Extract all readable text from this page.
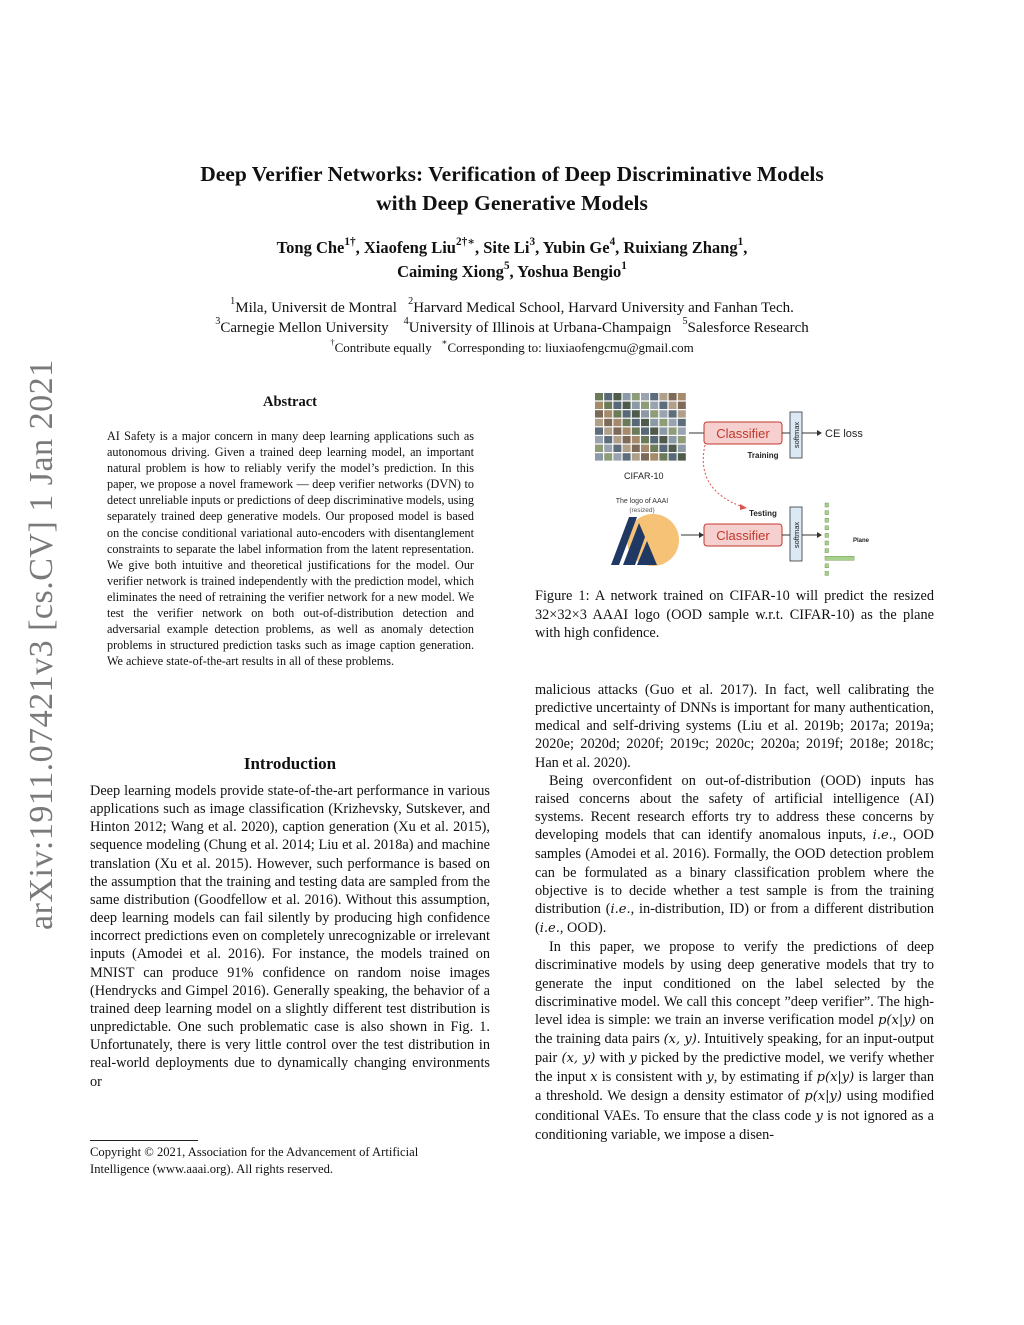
arXiv:1911.07421v3 [cs.CV] 1 Jan 2021
Deep Verifier Networks: Verification of Deep Discriminative Models
with Deep Generative Models
Tong Che$^{1\dagger}$, Xiaofeng Liu$^{2\dagger∗}$, Site Li$^3$, Yubin Ge$^4$, Ruixiang Zhang$^1$,
Caiming Xiong$^5$, Yoshua Bengio$^1$
$^1$Mila, Universit de Montral $^2$Harvard Medical School, Harvard University and Fanhan Tech.
$^3$Carnegie Mellon University $^4$University of Illinois at Urbana-Champaign $^5$Salesforce Research
†Contribute equally ∗Corresponding to: liuxiaofengcmu@gmail.com
Abstract
AI Safety is a major concern in many deep learning applications such as autonomous driving. Given a trained deep learning model, an important natural problem is how to reliably verify the model’s prediction. In this paper, we propose a novel framework — deep verifier networks (DVN) to detect unreliable inputs or predictions of deep discriminative models, using separately trained deep generative models. Our proposed model is based on the concise conditional variational auto-encoders with disentanglement constraints to separate the label information from the latent representation. We give both intuitive and theoretical justifications for the model. Our verifier network is trained independently with the prediction model, which eliminates the need of retraining the verifier network for a new model. We test the verifier network on both out-of-distribution detection and adversarial example detection problems, as well as anomaly detection problems in structured prediction tasks such as image caption generation. We achieve state-of-the-art results in all of these problems.
Introduction
Deep learning models provide state-of-the-art performance in various applications such as image classification (Krizhevsky, Sutskever, and Hinton 2012; Wang et al. 2020), caption generation (Xu et al. 2015), sequence modeling (Chung et al. 2014; Liu et al. 2018a) and machine translation (Xu et al. 2015). However, such performance is based on the assumption that the training and testing data are sampled from the same distribution (Goodfellow et al. 2016). Without this assumption, deep learning models can fail silently by producing high confidence incorrect predictions even on completely unrecognizable or irrelevant inputs (Amodei et al. 2016). For instance, the models trained on MNIST can produce 91% confidence on random noise images (Hendrycks and Gimpel 2016). Generally speaking, the behavior of a trained deep learning model on a slightly different test distribution is unpredictable. One such problematic case is also shown in Fig. 1. Unfortunately, there is very little control over the test distribution in real-world deployments due to dynamically changing environments or
Copyright © 2021, Association for the Advancement of Artificial
Intelligence (www.aaai.org). All rights reserved.
CIFAR-10
Classifier
Training
softmax CE loss
Testing
The logo of AAAI
(resized)
Classifier	softmax	Plane
Figure 1: A network trained on CIFAR-10 will predict the resized 32×32×3 AAAI logo (OOD sample w.r.t. CIFAR-10) as the plane with high confidence.

malicious attacks (Guo et al. 2017). In fact, well calibrating the predictive uncertainty of DNNs is important for many authentication, medical and self-driving systems (Liu et al. 2019b; 2017a; 2019a; 2020e; 2020d; 2020f; 2019c; 2020c; 2020a; 2019f; 2018e; 2018c; Han et al. 2020).

Being overconfident on out-of-distribution (OOD) inputs has raised concerns about the safety of artificial intelligence (AI) systems. Recent research efforts try to address these concerns by developing models that can identify anomalous inputs, i.e., OOD samples (Amodei et al. 2016). Formally, the OOD detection problem can be formulated as a binary classification problem where the objective is to decide whether a test sample is from the training distribution (i.e., in-distribution, ID) or from a different distribution (i.e., OOD).

In this paper, we propose to verify the predictions of deep discriminative models by using deep generative models that try to generate the input conditioned on the label selected by the discriminative model. We call this concept ”deep verifier”. The high-level idea is simple: we train an inverse verification model p(x|y) on the training data pairs (x, y). Intuitively speaking, for an input-output pair (x, y) with y picked by the predictive model, we verify whether the input x is consistent with y, by estimating if p(x|y) is larger than a threshold. We design a density estimator of p(x|y) using modified conditional VAEs. To ensure that the class code y is not ignored as a conditioning variable, we impose a disen-
